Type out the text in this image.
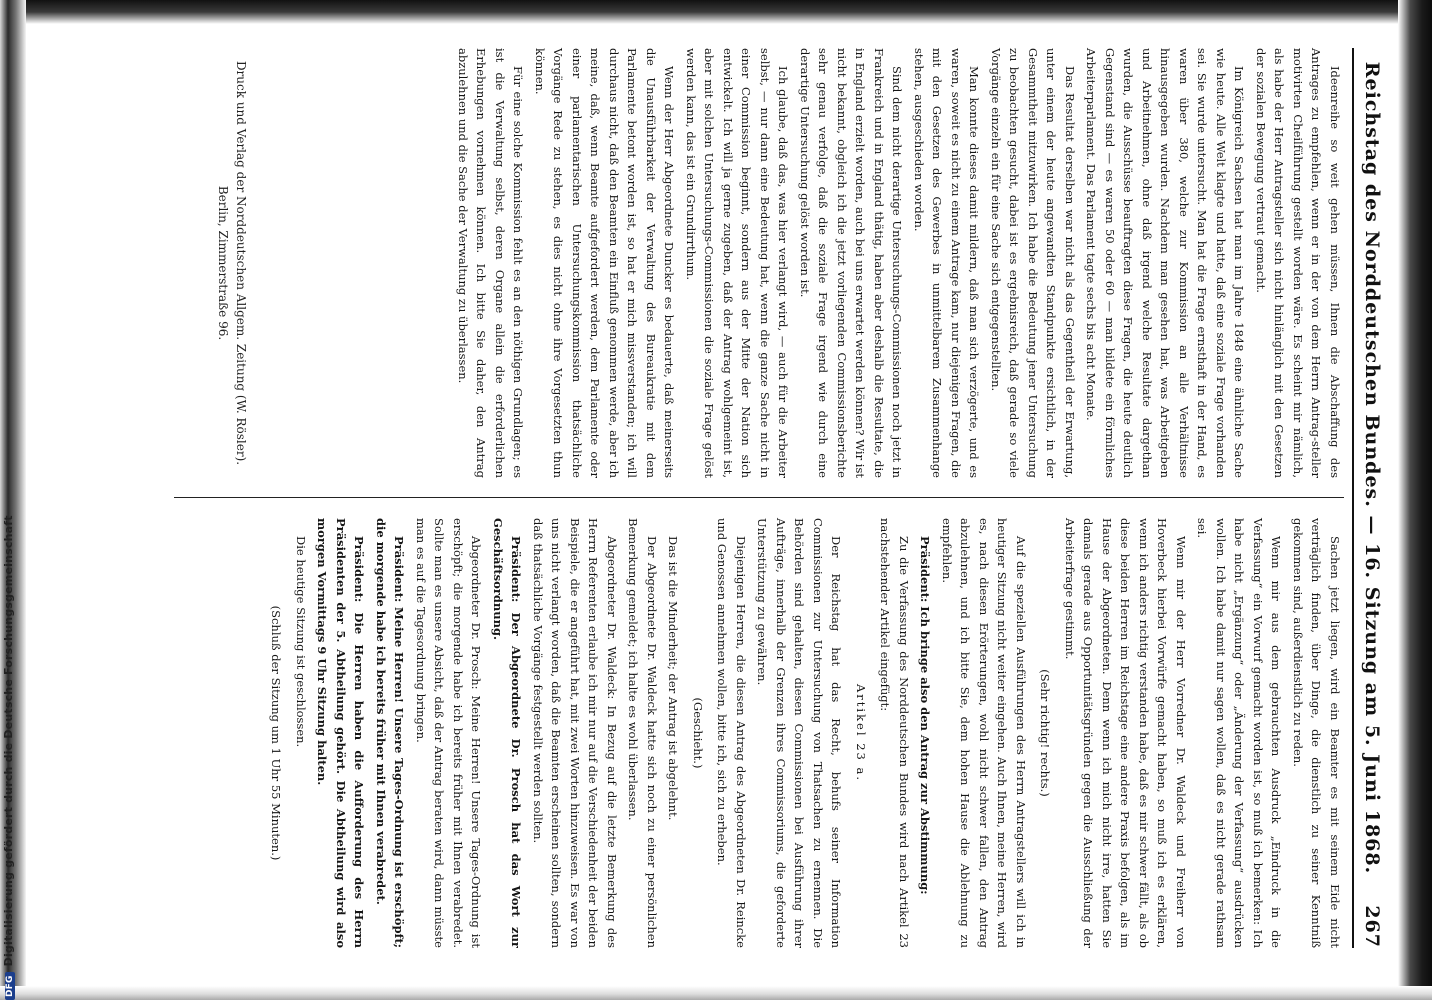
Reichstag des Norddeutschen Bundes. — 16. Sitzung am 5. Juni 1868.
267

Ideenreihe so weit gehen müssen, Ihnen die Abschaffung des Antrages zu empfehlen, wenn er in der von dem Herrn Antrag-steller motivirten Cheilführung gestellt worden wäre. Es scheint mir nämlich, als habe der Herr Antragsteller sich nicht hinlänglich mit den Gesetzen der sozialen Bewegung vertraut gemacht.

Im Königreich Sachsen hat man im Jahre 1848 eine ähnliche Sache wie heute. Alle Welt klagte und hatte, daß eine soziale Frage vorhanden sei. Sie wurde untersucht. Man hat die Frage ernsthaft in der Hand, es waren über 380, welche zur Kommission an alle Verhältnisse hinausgegeben wurden. Nachdem man gesehen hat, was Arbeitgeben und Arbeitnehmen, ohne daß irgend welche Resultate dargethan wurden, die Ausschüsse beauftragten diese Fragen, die heute deutlich Gegenstand sind — es waren 50 oder 60 — man bildete ein förmliches Arbeiterparlament. Das Parlament tagte sechs bis acht Monate.

Das Resultat derselben war nicht als das Gegentheil der Erwartung, unter einem der heute angewandten Standpunkte ersichtlich, in der Gesammtheit mitzuwirken. Ich habe die Bedeutung jener Untersuchung zu beobachten gesucht, dabei ist es ergebnisreich, daß gerade so viele Vorgänge einzeln ein für eine Sache sich entgegenstellten.

Man konnte dieses damit mildern, daß man sich verzögerte, und es waren, soweit es nicht zu einem Antrage kam, nur diejenigen Fragen, die mit den Gesetzen des Gewerbes in unmittelbarem Zusammenhange stehen, ausgeschieden worden.

Sind dem nicht derartige Untersuchungs-Commissionen noch jetzt in Frankreich und in England thätig, haben aber deshalb die Resultate, die in England erzielt worden, auch bei uns erwartet werden können? Wir ist nicht bekannt, obgleich ich die jetzt vorliegenden Commissionsberichte sehr genau verfolge, daß die soziale Frage irgend wie durch eine derartige Untersuchung gelöst worden ist.

Ich glaube, daß das, was hier verlangt wird, — auch für die Arbeiter selbst, — nur dann eine Bedeutung hat, wenn die ganze Sache nicht in einer Commission beginnt, sondern aus der Mitte der Nation sich entwickelt. Ich will ja gerne zugeben, daß der Antrag wohlgemeint ist, aber mit solchen Untersuchungs-Commissionen die soziale Frage gelöst werden kann, das ist ein Grundirrthum.

Wenn der Herr Abgeordnete Duncker es bedauerte, daß meinerseits die Unausführbarkeit der Verwaltung des Bureaukratie mit dem Parlamente betont worden ist, so hat er mich missverstanden; ich will durchaus nicht, daß den Beamten ein Einfluß genommen werde, aber ich meine, daß, wenn Beamte aufgefordert werden, dem Parlamente oder einer parlamentarischen Untersuchungskommission thatsächliche Vorgänge Rede zu stehen, es dies nicht ohne ihre Vorgesetzten thun können.

Für eine solche Kommission fehlt es an den nöthigen Grundlagen; es ist die Verwaltung selbst, deren Organe allein die erforderlichen Erhebungen vornehmen können. Ich bitte Sie daher, den Antrag abzulehnen und die Sache der Verwaltung zu überlassen.

Sachen jetzt liegen, wird ein Beamter es mit seinem Eide nicht verträglich finden, über Dinge, die dienstlich zu seiner Kenntniß gekommen sind, außerdienstlich zu reden.

Wenn mir aus dem gebrauchten Ausdruck „Eindruck in die Verfassung“ ein Vorwurf gemacht worden ist, so muß ich bemerken: Ich habe nicht „Ergänzung“ oder „Änderung der Verfassung“ ausdrücken wollen. Ich habe damit nur sagen wollen, daß es nicht gerade rathsam sei.

Wenn mir der Herr Vorredner Dr. Waldeck und Freiherr von Hoverbeck hierbei Vorwürfe gemacht haben, so muß ich es erklären, wenn ich anders richtig verstanden habe, daß es mir schwer fällt, als ob diese beiden Herren im Reichstage eine andere Praxis befolgen, als im Hause der Abgeordneten. Denn wenn ich mich nicht irre, hatten Sie damals gerade aus Opportunitätsgründen gegen die Ausschließung der Arbeiterfrage gestimmt.

(Sehr richtig! rechts.)

Auf die speziellen Ausführungen des Herrn Antragstellers will ich in heutiger Sitzung nicht weiter eingehen. Auch Ihnen, meine Herren, wird es, nach diesen Erörterungen, wohl nicht schwer fallen, den Antrag abzulehnen, und ich bitte Sie, dem hohen Hause die Ablehnung zu empfehlen.

Präsident: Ich bringe also den Antrag zur Abstimmung:

Zu die Verfassung des Norddeutschen Bundes wird nach Artikel 23 nachstehender Artikel eingefügt:

Artikel 23 a.

Der Reichstag hat das Recht, behufs seiner Information Commissionen zur Untersuchung von Thatsachen zu ernennen. Die Behörden sind gehalten, diesen Commissionen bei Ausführung ihrer Aufträge, innerhalb der Grenzen ihres Commissoriums, die geforderte Unterstützung zu gewähren.

Diejenigen Herren, die diesen Antrag des Abgeordneten Dr. Reincke und Genossen annehmen wollen, bitte ich, sich zu erheben.

(Geschieht.)

Das ist die Minderheit; der Antrag ist abgelehnt.

Der Abgeordnete Dr. Waldeck hatte sich noch zu einer persönlichen Bemerkung gemeldet; ich halte es wohl überlassen.

Abgeordneter Dr. Waldeck: In Bezug auf die letzte Bemerkung des Herrn Referenten erlaube ich mir nur auf die Verschiedenheit der beiden Beispiele, die er angeführt hat, mit zwei Worten hinzuweisen. Es war von uns nicht verlangt worden, daß die Beamten erscheinen sollten, sondern daß thatsächliche Vorgänge festgestellt werden sollten.

Präsident: Der Abgeordnete Dr. Prosch hat das Wort zur Geschäftsordnung.

Abgeordneter Dr. Prosch: Meine Herren! Unsere Tages-Ordnung ist erschöpft; die morgende habe ich bereits früher mit Ihnen verabredet. Sollte man es unsere Absicht, daß der Antrag beraten wird, dann müsste man es auf die Tagesordnung bringen.

Präsident: Meine Herren! Unsere Tages-Ordnung ist erschöpft; die morgende habe ich bereits früher mit Ihnen verabredet.

Präsident: Die Herren haben die Aufforderung des Herrn Präsidenten der 5. Abtheilung gehört. Die Abtheilung wird also morgen Vormittags 9 Uhr Sitzung halten.

Die heutige Sitzung ist geschlossen.

(Schluß der Sitzung um 1 Uhr 55 Minuten.)

Druck und Verlag der Norddeutschen Allgem. Zeitung (W. Rösler).
Berlin, Zimmerstraße 96.
DFGDigitalisierung gefördert durch die Deutsche Forschungsgemeinschaft
